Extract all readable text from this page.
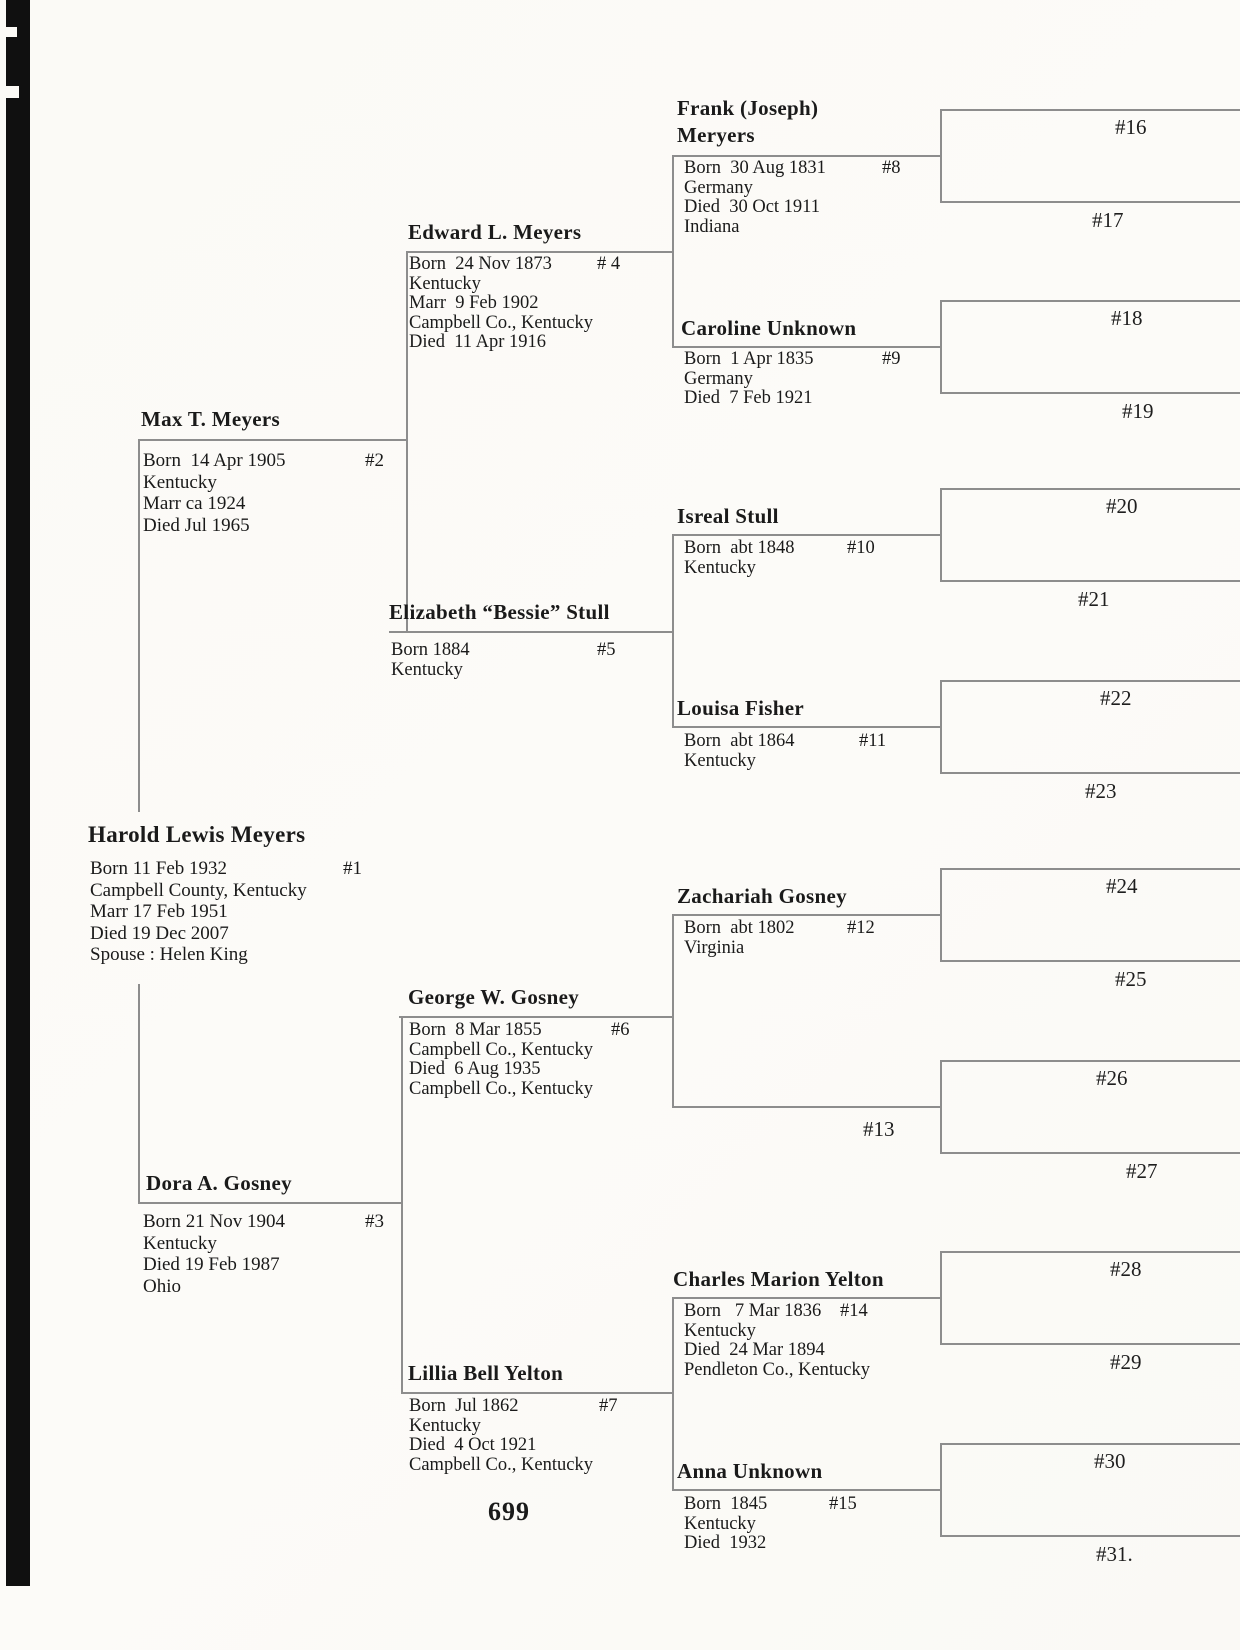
Harold Lewis Meyers
#1
Born 11 Feb 1932
Campbell County, Kentucky
Marr 17 Feb 1951
Died 19 Dec 2007
Spouse : Helen King
Max T. Meyers
#2
Born  14 Apr 1905
Kentucky
Marr ca 1924
Died Jul 1965
Dora A. Gosney
#3
Born 21 Nov 1904
Kentucky
Died 19 Feb 1987
Ohio
Edward L. Meyers
# 4
Born  24 Nov 1873
Kentucky
Marr  9 Feb 1902
Campbell Co., Kentucky
Died  11 Apr 1916
Elizabeth “Bessie” Stull
#5
Born 1884
Kentucky
George W. Gosney
#6
Born  8 Mar 1855
Campbell Co., Kentucky
Died  6 Aug 1935
Campbell Co., Kentucky
Lillia Bell Yelton
#7
Born  Jul 1862
Kentucky
Died  4 Oct 1921
Campbell Co., Kentucky
Frank (Joseph)
Meryers
#8
Born  30 Aug 1831
Germany
Died  30 Oct 1911
Indiana
Caroline Unknown
#9
Born  1 Apr 1835
Germany
Died  7 Feb 1921
Isreal Stull
#10
Born  abt 1848
Kentucky
Louisa Fisher
#11
Born  abt 1864
Kentucky
Zachariah Gosney
#12
Born  abt 1802
Virginia
#13
Charles Marion Yelton
#14
Born   7 Mar 1836
Kentucky
Died  24 Mar 1894
Pendleton Co., Kentucky
Anna Unknown
#15
Born  1845
Kentucky
Died  1932
#16
#17
#18
#19
#20
#21
#22
#23
#24
#25
#26
#27
#28
#29
#30
#31.
699
